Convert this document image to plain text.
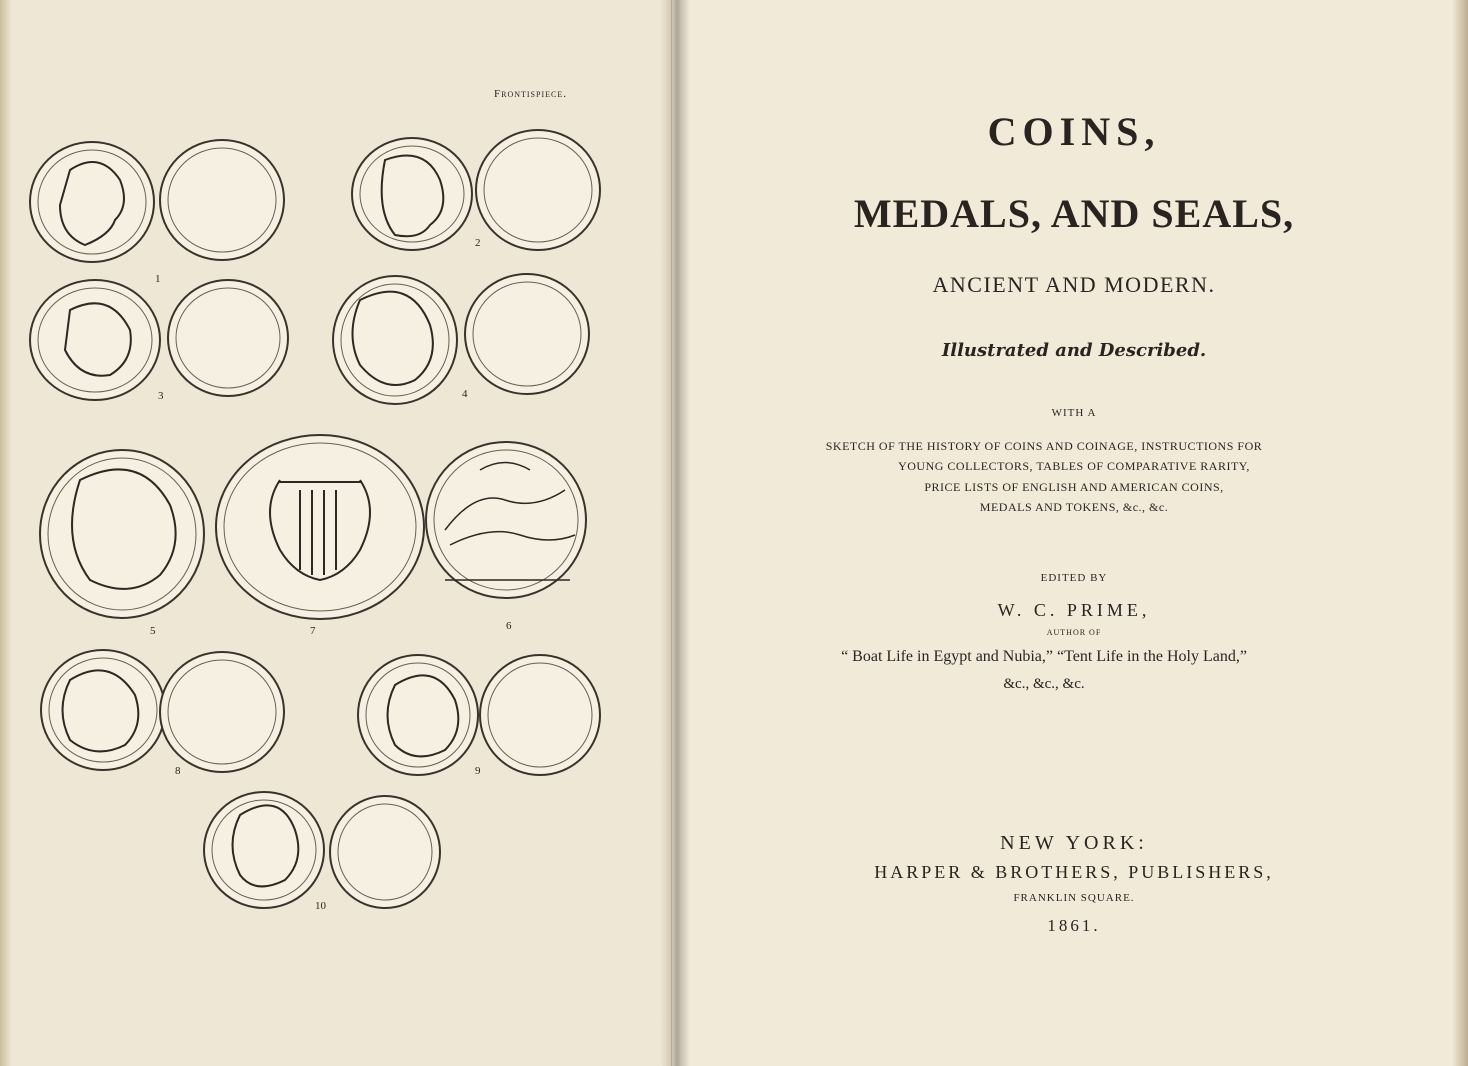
Frontispiece.
1
2
3	4
5	7	6
8	9
10
COINS,
MEDALS, AND SEALS,
ANCIENT AND MODERN.
Illustrated and Described.
WITH A
SKETCH OF THE HISTORY OF COINS AND COINAGE, INSTRUCTIONS FOR
YOUNG COLLECTORS, TABLES OF COMPARATIVE RARITY,
PRICE LISTS OF ENGLISH AND AMERICAN COINS,
MEDALS AND TOKENS, &c., &c.
EDITED BY
W. C. PRIME,
AUTHOR OF
“ Boat Life in Egypt and Nubia,” “Tent Life in the Holy Land,”
&c., &c., &c.
NEW YORK:
HARPER & BROTHERS, PUBLISHERS,
FRANKLIN SQUARE.
1861.
